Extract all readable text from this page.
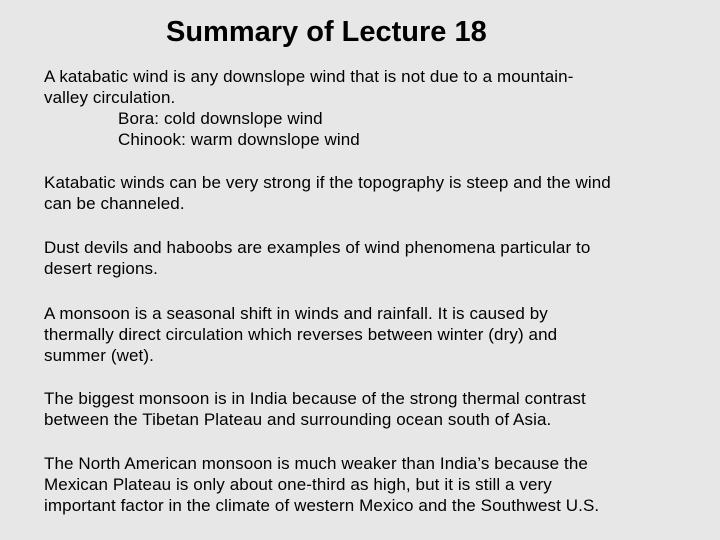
Summary of Lecture 18
A katabatic wind is any downslope wind that is not due to a mountain-
valley circulation.
Bora: cold downslope wind
Chinook: warm downslope wind
Katabatic winds can be very strong if the topography is steep and the wind
can be channeled.
Dust devils and haboobs are examples of wind phenomena particular to
desert regions.
A monsoon is a seasonal shift in winds and rainfall. It is caused by
thermally direct circulation which reverses between winter (dry) and
summer (wet).
The biggest monsoon is in India because of the strong thermal contrast
between the Tibetan Plateau and surrounding ocean south of Asia.
The North American monsoon is much weaker than India’s because the
Mexican Plateau is only about one-third as high, but it is still a very
important factor in the climate of western Mexico and the Southwest U.S.
